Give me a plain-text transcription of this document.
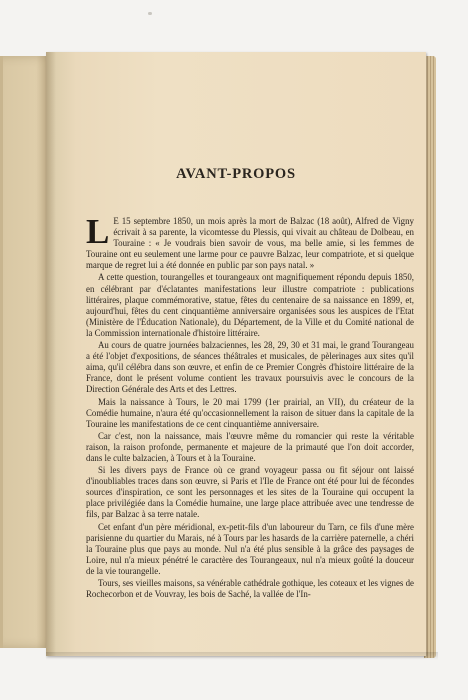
AVANT-PROPOS

L E 15 septembre 1850, un mois après la mort de Balzac (18 août), Alfred de Vigny écrivait à sa parente, la vicomtesse du Plessis, qui vivait au château de Dolbeau, en Touraine : « Je voudrais bien savoir de vous, ma belle amie, si les femmes de Touraine ont eu seulement une larme pour ce pauvre Balzac, leur compatriote, et si quelque marque de regret lui a été donnée en public par son pays natal. »

A cette question, tourangelles et tourangeaux ont magnifiquement répondu depuis 1850, en célébrant par d'éclatantes manifestations leur illustre compatriote : publications littéraires, plaque commémorative, statue, fêtes du centenaire de sa naissance en 1899, et, aujourd'hui, fêtes du cent cinquantième anniversaire organisées sous les auspices de l'Etat (Ministère de l'Éducation Nationale), du Département, de la Ville et du Comité national de la Commission internationale d'histoire littéraire.

Au cours de quatre journées balzaciennes, les 28, 29, 30 et 31 mai, le grand Tourangeau a été l'objet d'expositions, de séances théâtrales et musicales, de pèlerinages aux sites qu'il aima, qu'il célébra dans son œuvre, et enfin de ce Premier Congrès d'histoire littéraire de la France, dont le présent volume contient les travaux poursuivis avec le concours de la Direction Générale des Arts et des Lettres.

Mais la naissance à Tours, le 20 mai 1799 (1er prairial, an VII), du créateur de la Comédie humaine, n'aura été qu'occasionnellement la raison de situer dans la capitale de la Touraine les manifestations de ce cent cinquantième anniversaire.

Car c'est, non la naissance, mais l'œuvre même du romancier qui reste la véritable raison, la raison profonde, permanente et majeure de la primauté que l'on doit accorder, dans le culte balzacien, à Tours et à la Touraine.

Si les divers pays de France où ce grand voyageur passa ou fit séjour ont laissé d'inoubliables traces dans son œuvre, si Paris et l'Ile de France ont été pour lui de fécondes sources d'inspiration, ce sont les personnages et les sites de la Touraine qui occupent la place privilégiée dans la Comédie humaine, une large place attribuée avec une tendresse de fils, par Balzac à sa terre natale.

Cet enfant d'un père méridional, ex-petit-fils d'un laboureur du Tarn, ce fils d'une mère parisienne du quartier du Marais, né à Tours par les hasards de la carrière paternelle, a chéri la Touraine plus que pays au monde. Nul n'a été plus sensible à la grâce des paysages de Loire, nul n'a mieux pénétré le caractère des Tourangeaux, nul n'a mieux goûté la douceur de la vie tourangelle.

Tours, ses vieilles maisons, sa vénérable cathédrale gothique, les coteaux et les vignes de Rochecorbon et de Vouvray, les bois de Saché, la vallée de l'In-
